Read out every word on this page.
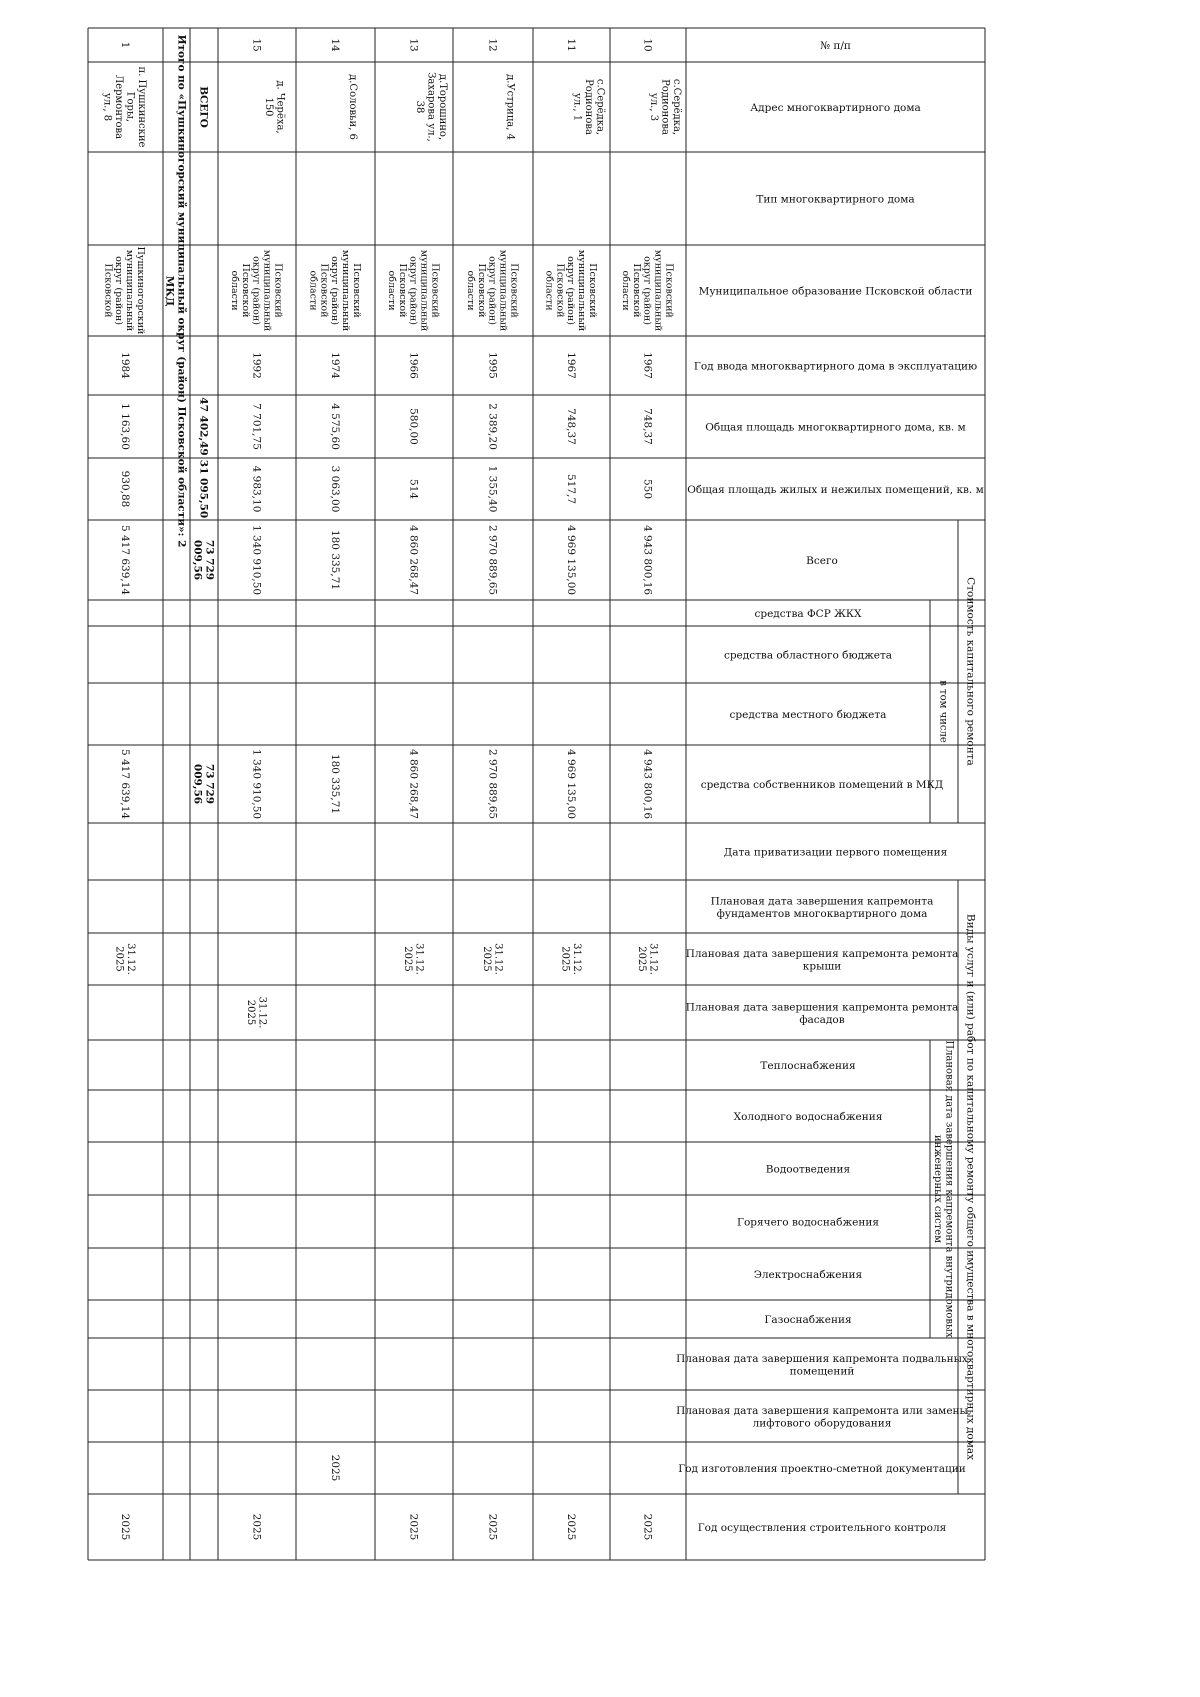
№ п/п
Адрес многоквартирного дома
Тип многоквартирного дома
Муниципальное образование Псковской области
Год ввода многоквартирного дома в эксплуатацию
Общая площадь многоквартирного дома, кв. м
Общая площадь жилых и нежилых помещений, кв. м
Всего
средства ФСР ЖКХ
средства областного бюджета
средства местного бюджета
средства собственников помещений в МКД
Дата приватизации первого помещения
Плановая дата завершения капремонта фундаментов многоквартирного дома
Плановая дата завершения капремонта ремонта крыши
Плановая дата завершения капремонта ремонта фасадов
Теплоснабжения
Холодного водоснабжения
Водоотведения
Горячего водоснабжения
Электроснабжения
Газоснабжения
Плановая дата завершения капремонта подвальных помещений
Плановая дата завершения капремонта или замены лифтового оборудования
Год изготовления проектно-сметной документации
Год осуществления строительного контроля
Стоимость капитального ремонта
в том числе
Виды услуг и (или) работ по капитальному ремонту общего имущества в многоквартирных домах
Плановая дата завершения капремонта внутридомовыхинженерных систем
10
с.Серёдка,Родионоваул., 3
Псковскиймуниципальныйокруг (район)Псковскойобласти
1967
748,37
550
4 943 800,16
4 943 800,16
31.12.2025
2025
11
с.Серёдка,Родионоваул., 1
Псковскиймуниципальныйокруг (район)Псковскойобласти
1967
748,37
517,7
4 969 135,00
4 969 135,00
31.12.2025
2025
12
д.Устрица, 4
Псковскиймуниципальныйокруг (район)Псковскойобласти
1995
2 389,20
1 355,40
2 970 889,65
2 970 889,65
31.12.2025
2025
13
д.Торошино,Захарова ул.,38
Псковскиймуниципальныйокруг (район)Псковскойобласти
1966
580,00
514
4 860 268,47
4 860 268,47
31.12.2025
2025
14
д.Соловьи, 6
Псковскиймуниципальныйокруг (район)Псковскойобласти
1974
4 575,60
3 063,00
180 335,71
180 335,71
2025
15
д. Черёха,150
Псковскиймуниципальныйокруг (район)Псковскойобласти
1992
7 701,75
4 983,10
1 340 910,50
1 340 910,50
31.12.2025
2025
ВСЕГО
47 402,49
31 095,50
73 729009,56
73 729009,56
Итого по «Пушкиногорский муниципальный округ (район) Псковской области»: 2МКД
1
п. ПушкинскиеГоры,Лермонтоваул., 8
Пушкиногорскиймуниципальныйокруг (район)Псковской
1984
1 163,60
930,88
5 417 639,14
5 417 639,14
31.12.2025
2025
